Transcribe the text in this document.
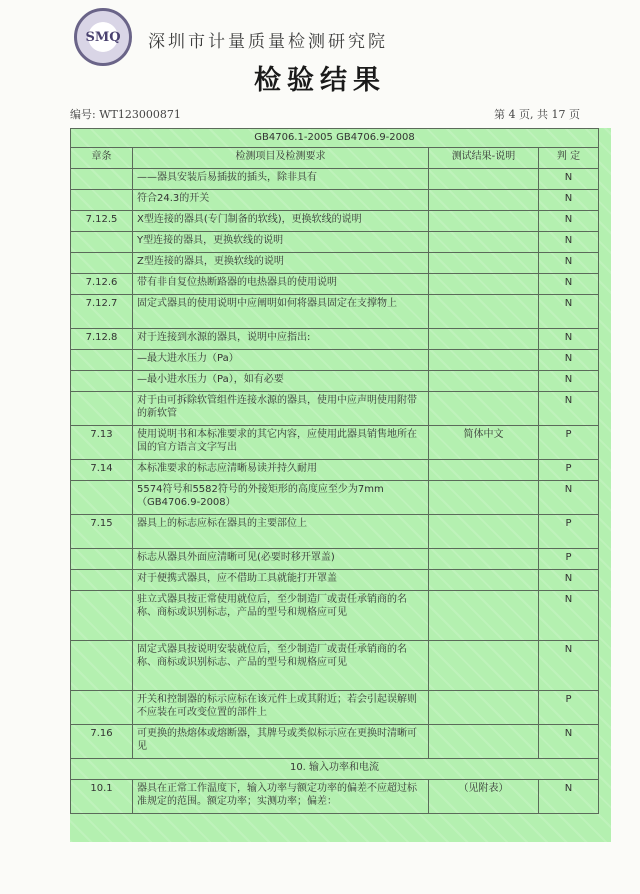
SMQ	深圳市计量质量检测研究院
检验结果
编号: WT123000871	第 4 页, 共 17 页
GB4706.1-2005 GB4706.9-2008			
章条	检测项目及检测要求	测试结果-说明	判 定
	——器具安装后易插拔的插头，除非具有		N
	符合24.3的开关		N
7.12.5	X型连接的器具(专门制备的软线)，更换软线的说明		N
	Y型连接的器具，更换软线的说明		N
	Z型连接的器具，更换软线的说明		N
7.12.6	带有非自复位热断路器的电热器具的使用说明		N
7.12.7	固定式器具的使用说明中应阐明如何将器具固定在支撑物上		N
7.12.8	对于连接到水源的器具，说明中应指出:		N
	—最大进水压力（Pa）		N
	—最小进水压力（Pa），如有必要		N
	对于由可拆除软管组件连接水源的器具，使用中应声明使用附带的新软管		N
7.13	使用说明书和本标准要求的其它内容，应使用此器具销售地所在国的官方语言文字写出	简体中文	P
7.14	本标准要求的标志应清晰易读并持久耐用		P
	5574符号和5582符号的外接矩形的高度应至少为7mm（GB4706.9-2008）		N
7.15	器具上的标志应标在器具的主要部位上		P
	标志从器具外面应清晰可见(必要时移开罩盖)		P
	对于便携式器具，应不借助工具就能打开罩盖		N
	驻立式器具按正常使用就位后，至少制造厂或责任承销商的名称、商标或识别标志，产品的型号和规格应可见		N
	固定式器具按说明安装就位后，至少制造厂或责任承销商的名称、商标或识别标志、产品的型号和规格应可见		N
	开关和控制器的标示应标在该元件上或其附近；若会引起误解则不应装在可改变位置的部件上		P
7.16	可更换的热熔体或熔断器，其牌号或类似标示应在更换时清晰可见		N
10. 输入功率和电流			
10.1	器具在正常工作温度下，输入功率与额定功率的偏差不应超过标准规定的范围。额定功率；实测功率；偏差：	（见附表）	N
